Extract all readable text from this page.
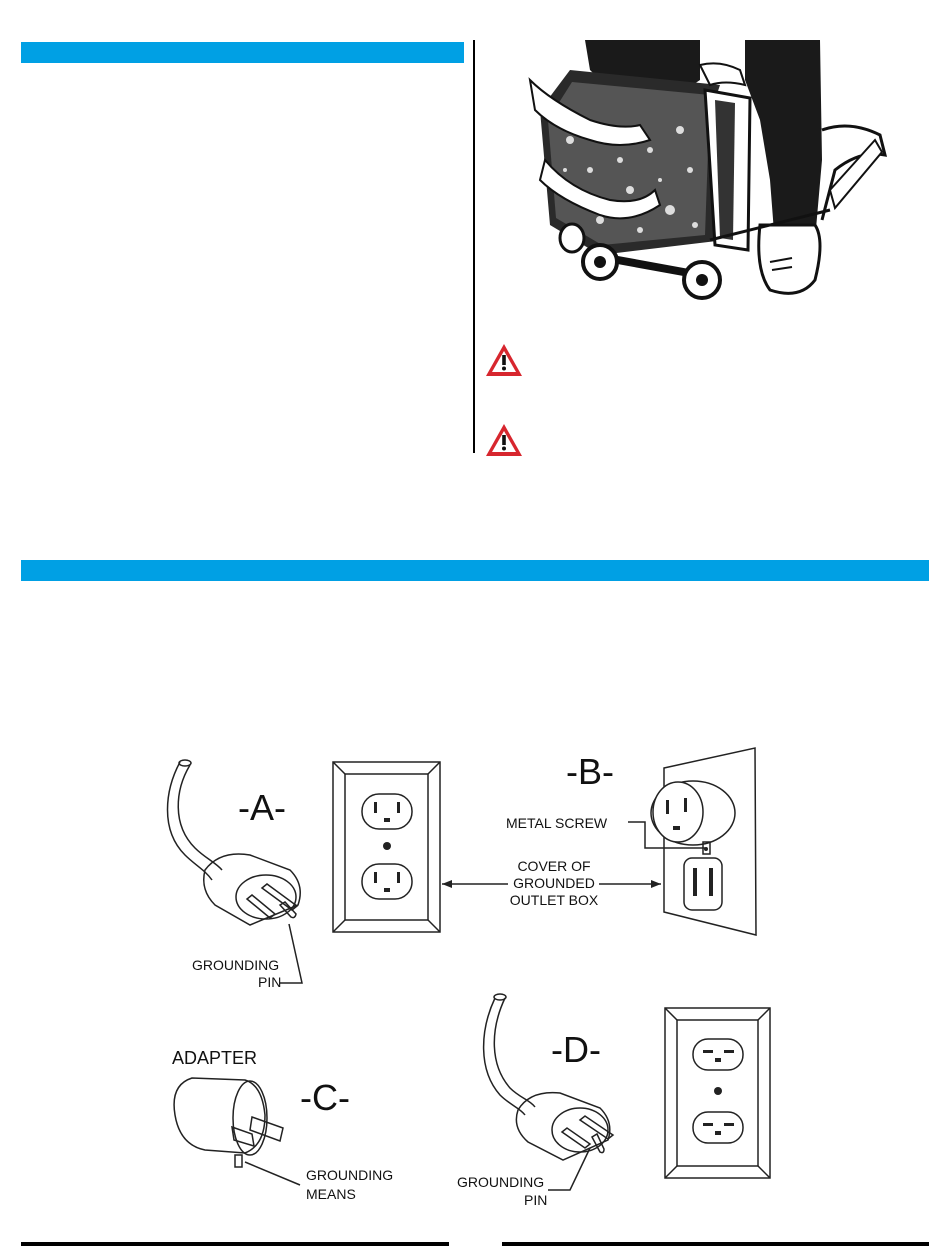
-A-
-B-
-C-
-D-
METAL SCREW
COVER OF
GROUNDED
OUTLET BOX
GROUNDING
PIN
ADAPTER
GROUNDING
MEANS
GROUNDING
PIN
